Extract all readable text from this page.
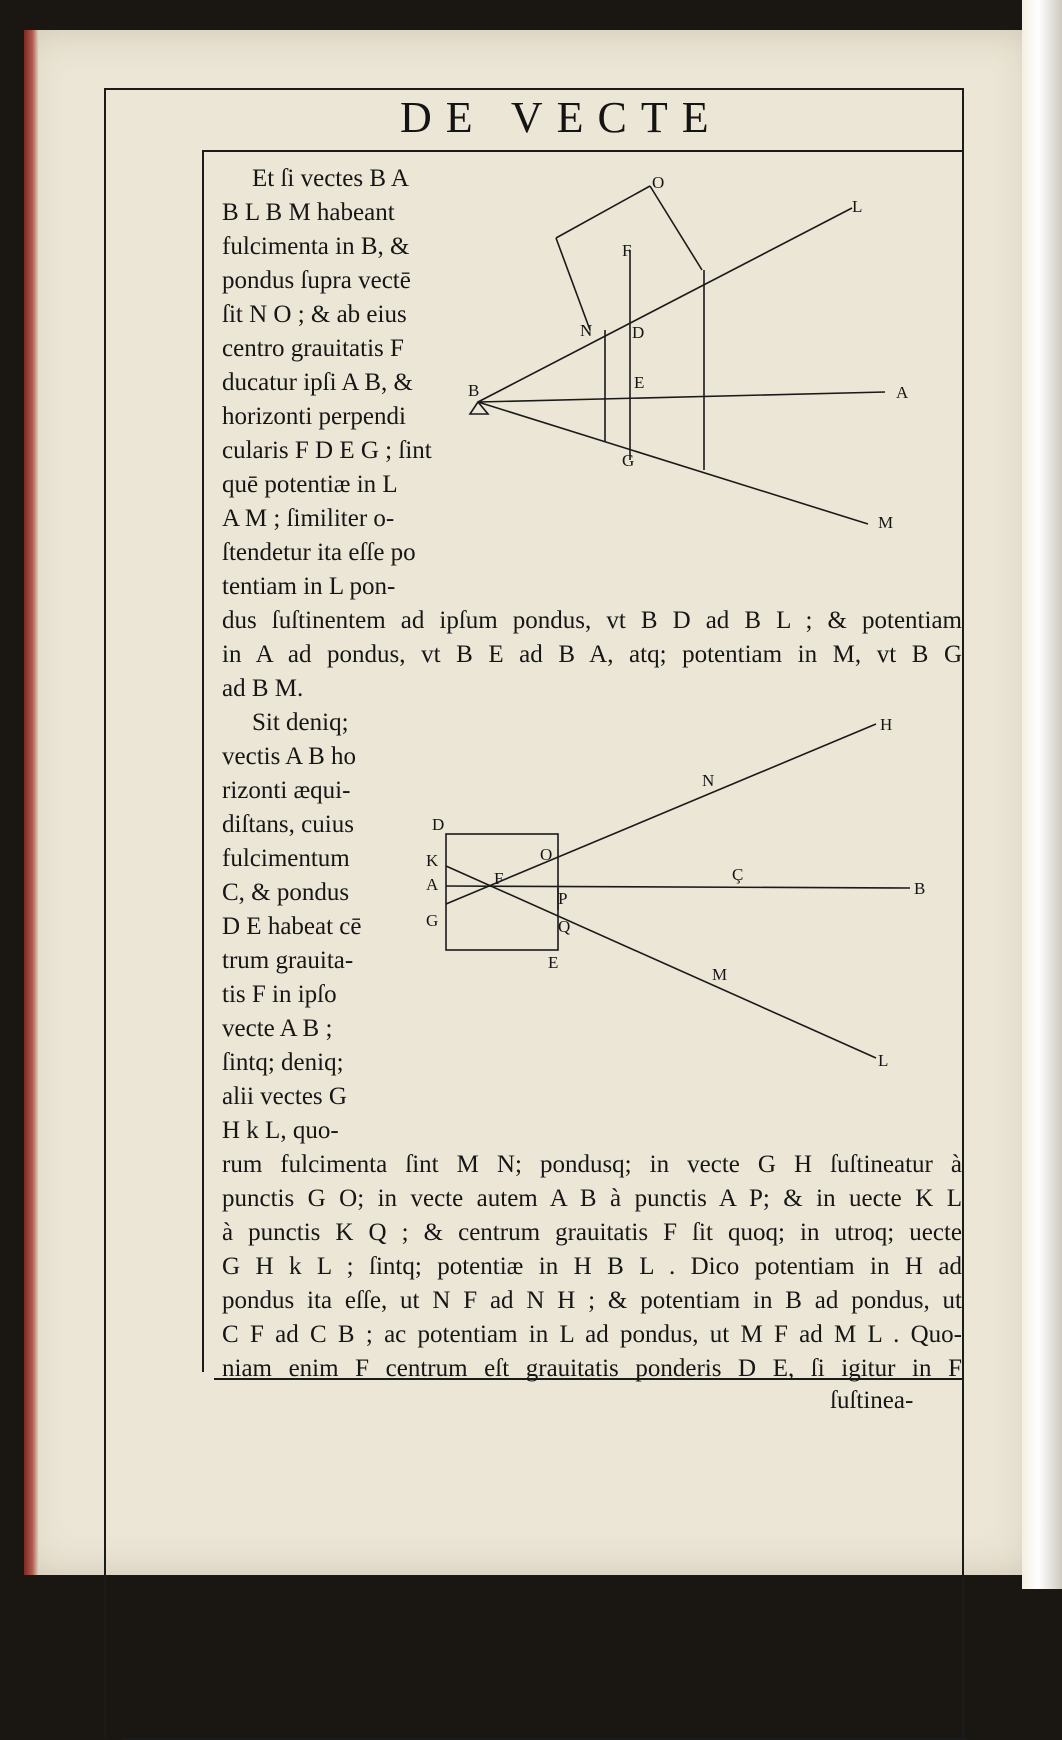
DE VECTE
Et ſi vectes B A
B L B M habeant
fulcimenta in B, &
pondus ſupra vectē
ſit N O ; & ab eius
centro grauitatis F
ducatur ipſi A B, &
horizonti perpendi
cularis F D E G ; ſint
quē potentiæ in L
A M ; ſimiliter o-
ſtendetur ita eſſe po
tentiam in L pon-
dus ſuſtinentem ad ipſum pondus, vt B D ad B L ; & potentiam
in A ad pondus, vt B E ad B A, atq; potentiam in M, vt B G
ad B M.
Sit deniq;
vectis A B ho
rizonti æqui-
diſtans, cuius
fulcimentum
C, & pondus
D E habeat cē
trum grauita-
tis F in ipſo
vecte A B ;
ſintq; deniq;
alii vectes G
H k L, quo-
rum fulcimenta ſint M N; pondusq; in vecte G H ſuſtineatur à
punctis G O; in vecte autem A B à punctis A P; & in uecte K L
à punctis K Q ; & centrum grauitatis F ſit quoq; in utroq; uecte
G H k L ; ſintq; potentiæ in H B L . Dico potentiam in H ad
pondus ita eſſe, ut N F ad N H ; & potentiam in B ad pondus, ut
C F ad C B ; ac potentiam in L ad pondus, ut M F ad M L . Quo-
niam enim F centrum eſt grauitatis ponderis D E, ſi igitur in F
ſuſtinea-
O
L
F
N D
B	E
A
G
M
H
N
D
K	O
A	F	Ç
B
P
G	Q
E
M
L
